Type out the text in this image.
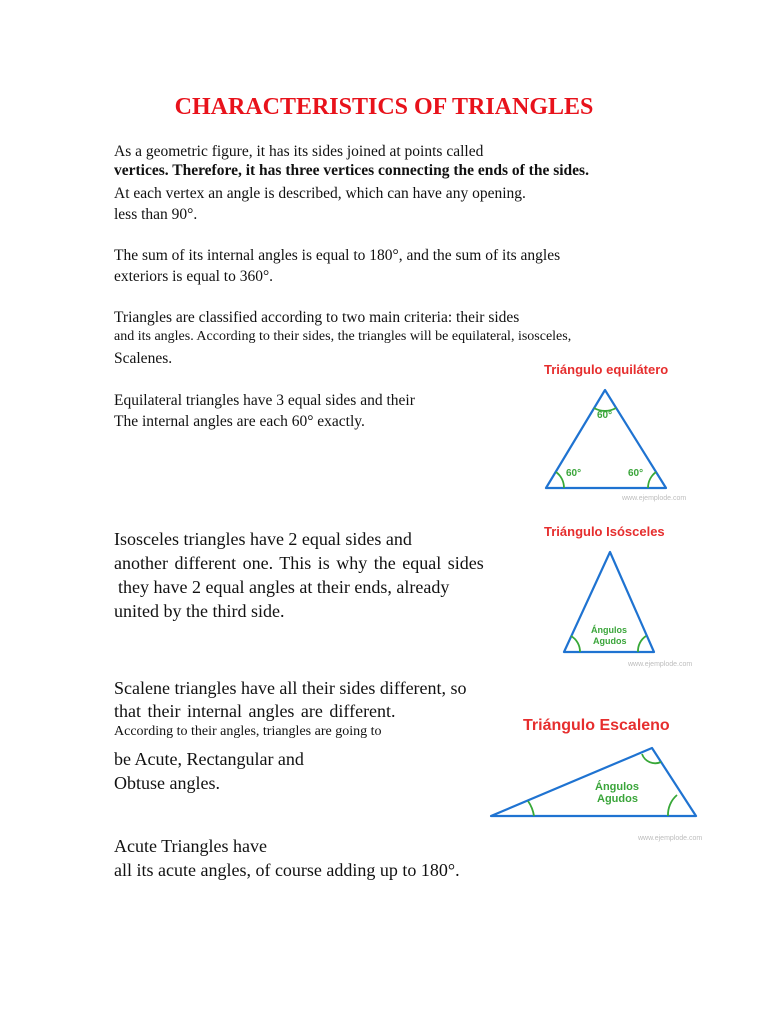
CHARACTERISTICS OF TRIANGLES

As a geometric figure, it has its sides joined at points called

vertices. Therefore, it has three vertices connecting the ends of the sides.

At each vertex an angle is described, which can have any opening.

less than 90°.

The sum of its internal angles is equal to 180°, and the sum of its angles

exteriors is equal to 360°.

Triangles are classified according to two main criteria: their sides

and its angles. According to their sides, the triangles will be equilateral, isosceles,

Scalenes.

Equilateral triangles have 3 equal sides and their

The internal angles are each 60° exactly.

Isosceles triangles have 2 equal sides and

another different one. This is why the equal sides

they have 2 equal angles at their ends, already

united by the third side.

Scalene triangles have all their sides different, so

that their internal angles are different.

According to their angles, triangles are going to

be Acute, Rectangular and

Obtuse angles.

Acute Triangles have

all its acute angles, of course adding up to 180°.

Triángulo equilátero
60°
60°	60°
www.ejemplode.com
Triángulo Isósceles
Ángulos
Agudos
www.ejemplode.com
Triángulo Escaleno
Ángulos
Agudos
www.ejemplode.com
